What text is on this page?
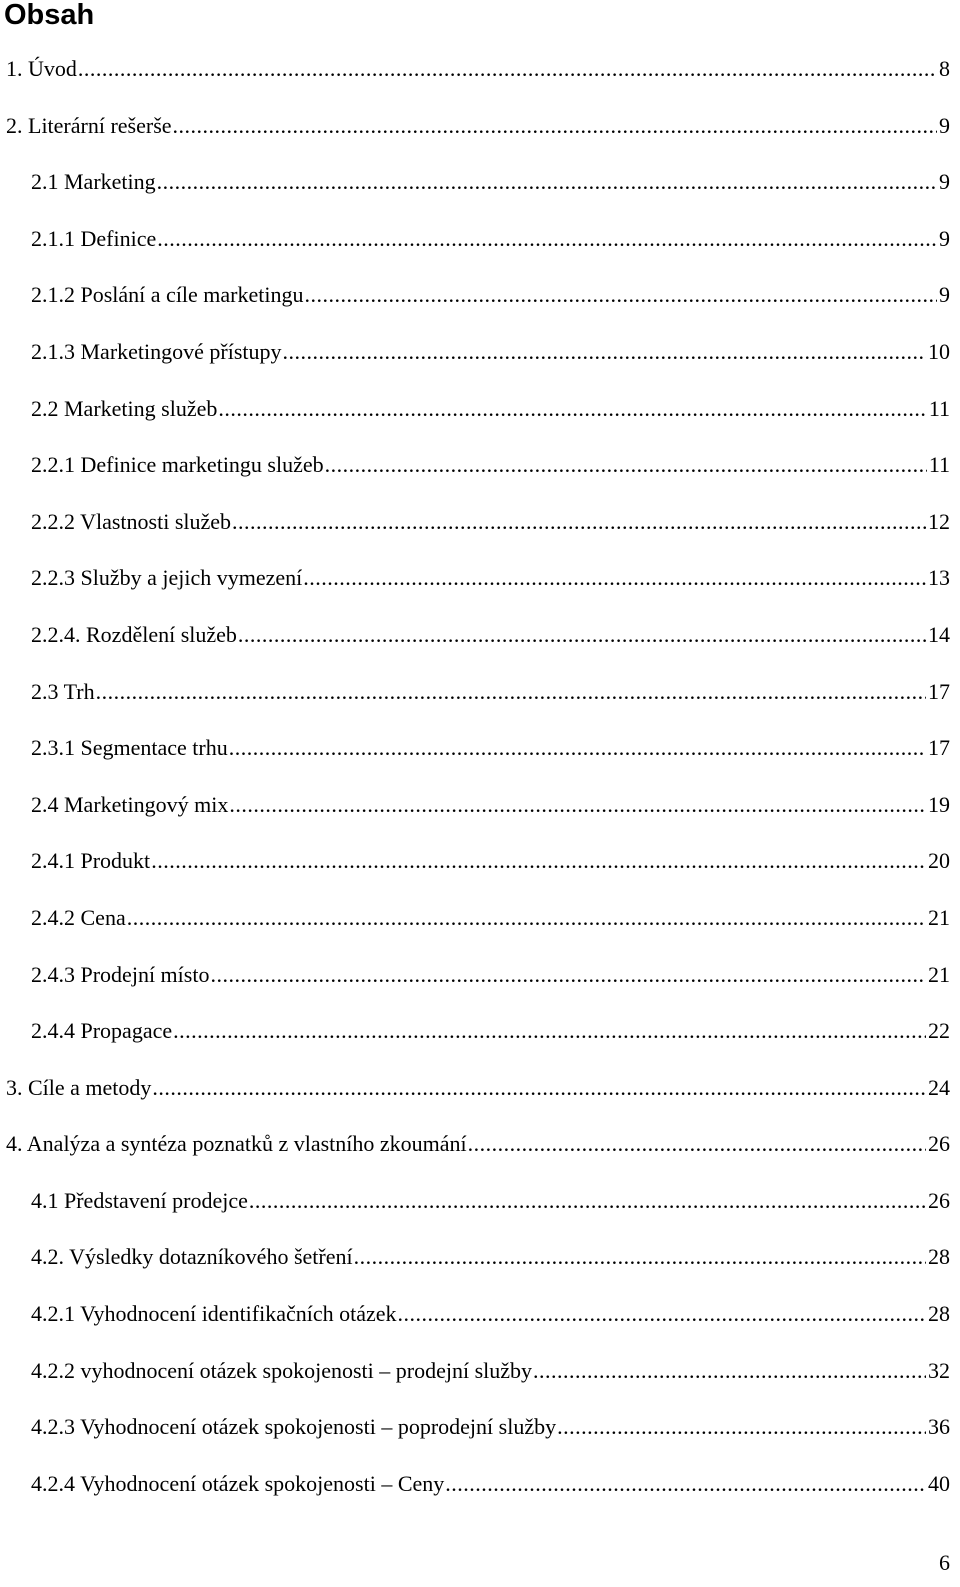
Obsah
1. Úvod .....	8
2. Literární rešerše .....	9
2.1 Marketing .....	9
2.1.1 Definice .....	9
2.1.2 Poslání a cíle marketingu .....	9
2.1.3 Marketingové přístupy .....	10
2.2 Marketing služeb .....	11
2.2.1 Definice marketingu služeb .....	11
2.2.2 Vlastnosti služeb .....	12
2.2.3 Služby a jejich vymezení .....	13
2.2.4. Rozdělení služeb .....	14
2.3 Trh .....	17
2.3.1 Segmentace trhu .....	17
2.4 Marketingový mix .....	19
2.4.1 Produkt .....	20
2.4.2 Cena .....	21
2.4.3 Prodejní místo .....	21
2.4.4 Propagace .....	22
3. Cíle a metody .....	24
4. Analýza a syntéza poznatků z vlastního zkoumání .....	26
4.1 Představení prodejce .....	26
4.2. Výsledky dotazníkového šetření .....	28
4.2.1 Vyhodnocení identifikačních otázek .....	28
4.2.2 vyhodnocení otázek spokojenosti – prodejní služby .....	32
4.2.3 Vyhodnocení otázek spokojenosti – poprodejní služby .....	36
4.2.4 Vyhodnocení otázek spokojenosti – Ceny .....	40
6
